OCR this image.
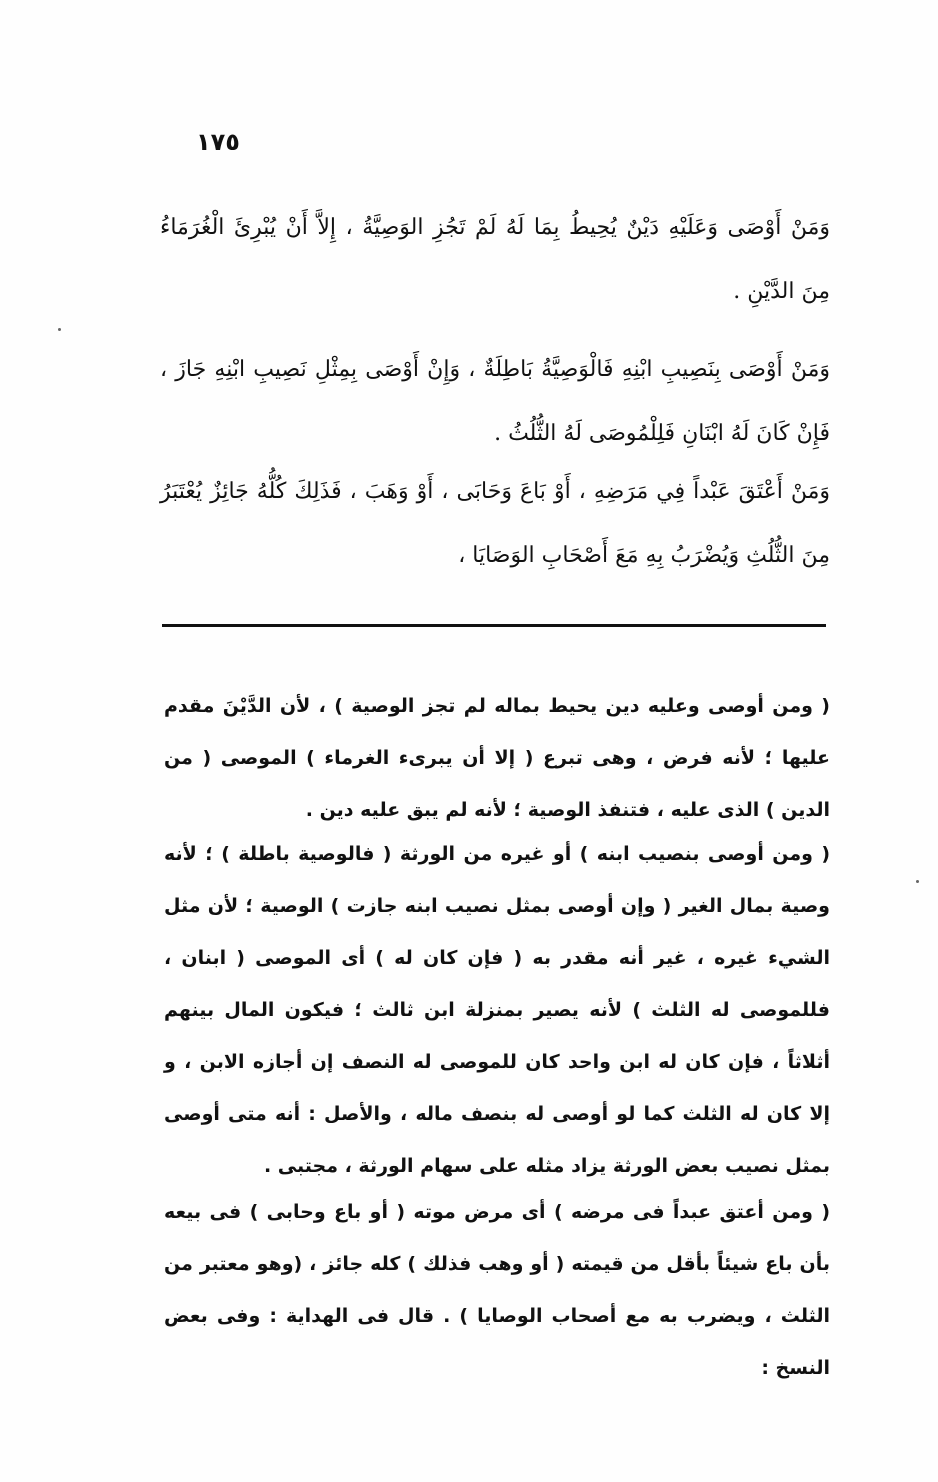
١٧٥

وَمَنْ أَوْصَى وَعَلَيْهِ دَيْنٌ يُحِيطُ بِمَا لَهُ لَمْ تَجُزِ الوَصِيَّةُ ، إِلاَّ أَنْ يُبْرِئَ الْغُرَمَاءُ مِنَ الدَّيْنِ .

وَمَنْ أَوْصَى بِنَصِيبِ ابْنِهِ فَالْوَصِيَّةُ بَاطِلَةٌ ، وَإِنْ أَوْصَى بِمِثْلِ نَصِيبِ ابْنِهِ جَازَ ، فَإِنْ كَانَ لَهُ ابْنَانِ فَلِلْمُوصَى لَهُ الثُّلُثُ .

وَمَنْ أَعْتَقَ عَبْداً فِي مَرَضِهِ ، أَوْ بَاعَ وَحَابَى ، أَوْ وَهَبَ ، فَذَلِكَ كُلُّهُ جَائِزٌ يُعْتَبَرُ مِنَ الثُّلُثِ وَيُضْرَبُ بِهِ مَعَ أَصْحَابِ الوَصَايَا ،

( ومن أوصى وعليه دين يحيط بماله لم تجز الوصية ) ، لأن الدَّيْنَ مقدم عليها ؛ لأنه فرض ، وهى تبرع ( إلا أن يبرىء الغرماء ) الموصى ( من الدين ) الذى عليه ، فتنفذ الوصية ؛ لأنه لم يبق عليه دين .

( ومن أوصى بنصيب ابنه ) أو غيره من الورثة ( فالوصية باطلة ) ؛ لأنه وصية بمال الغير ( وإن أوصى بمثل نصيب ابنه جازت ) الوصية ؛ لأن مثل الشيء غيره ، غير أنه مقدر به ( فإن كان له ) أى الموصى ( ابنان ، فللموصى له الثلث ) لأنه يصير بمنزلة ابن ثالث ؛ فيكون المال بينهم أثلاثاً ، فإن كان له ابن واحد كان للموصى له النصف إن أجازه الابن ، و إلا كان له الثلث كما لو أوصى له بنصف ماله ، والأصل : أنه متى أوصى بمثل نصيب بعض الورثة يزاد مثله على سهام الورثة ، مجتبى .

( ومن أعتق عبداً فى مرضه ) أى مرض موته ( أو باع وحابى ) فى بيعه بأن باع شيئاً بأقل من قيمته ( أو وهب فذلك ) كله جائز ، (وهو معتبر من الثلث ، ويضرب به مع أصحاب الوصايا ) . قال فى الهداية : وفى بعض النسخ :
